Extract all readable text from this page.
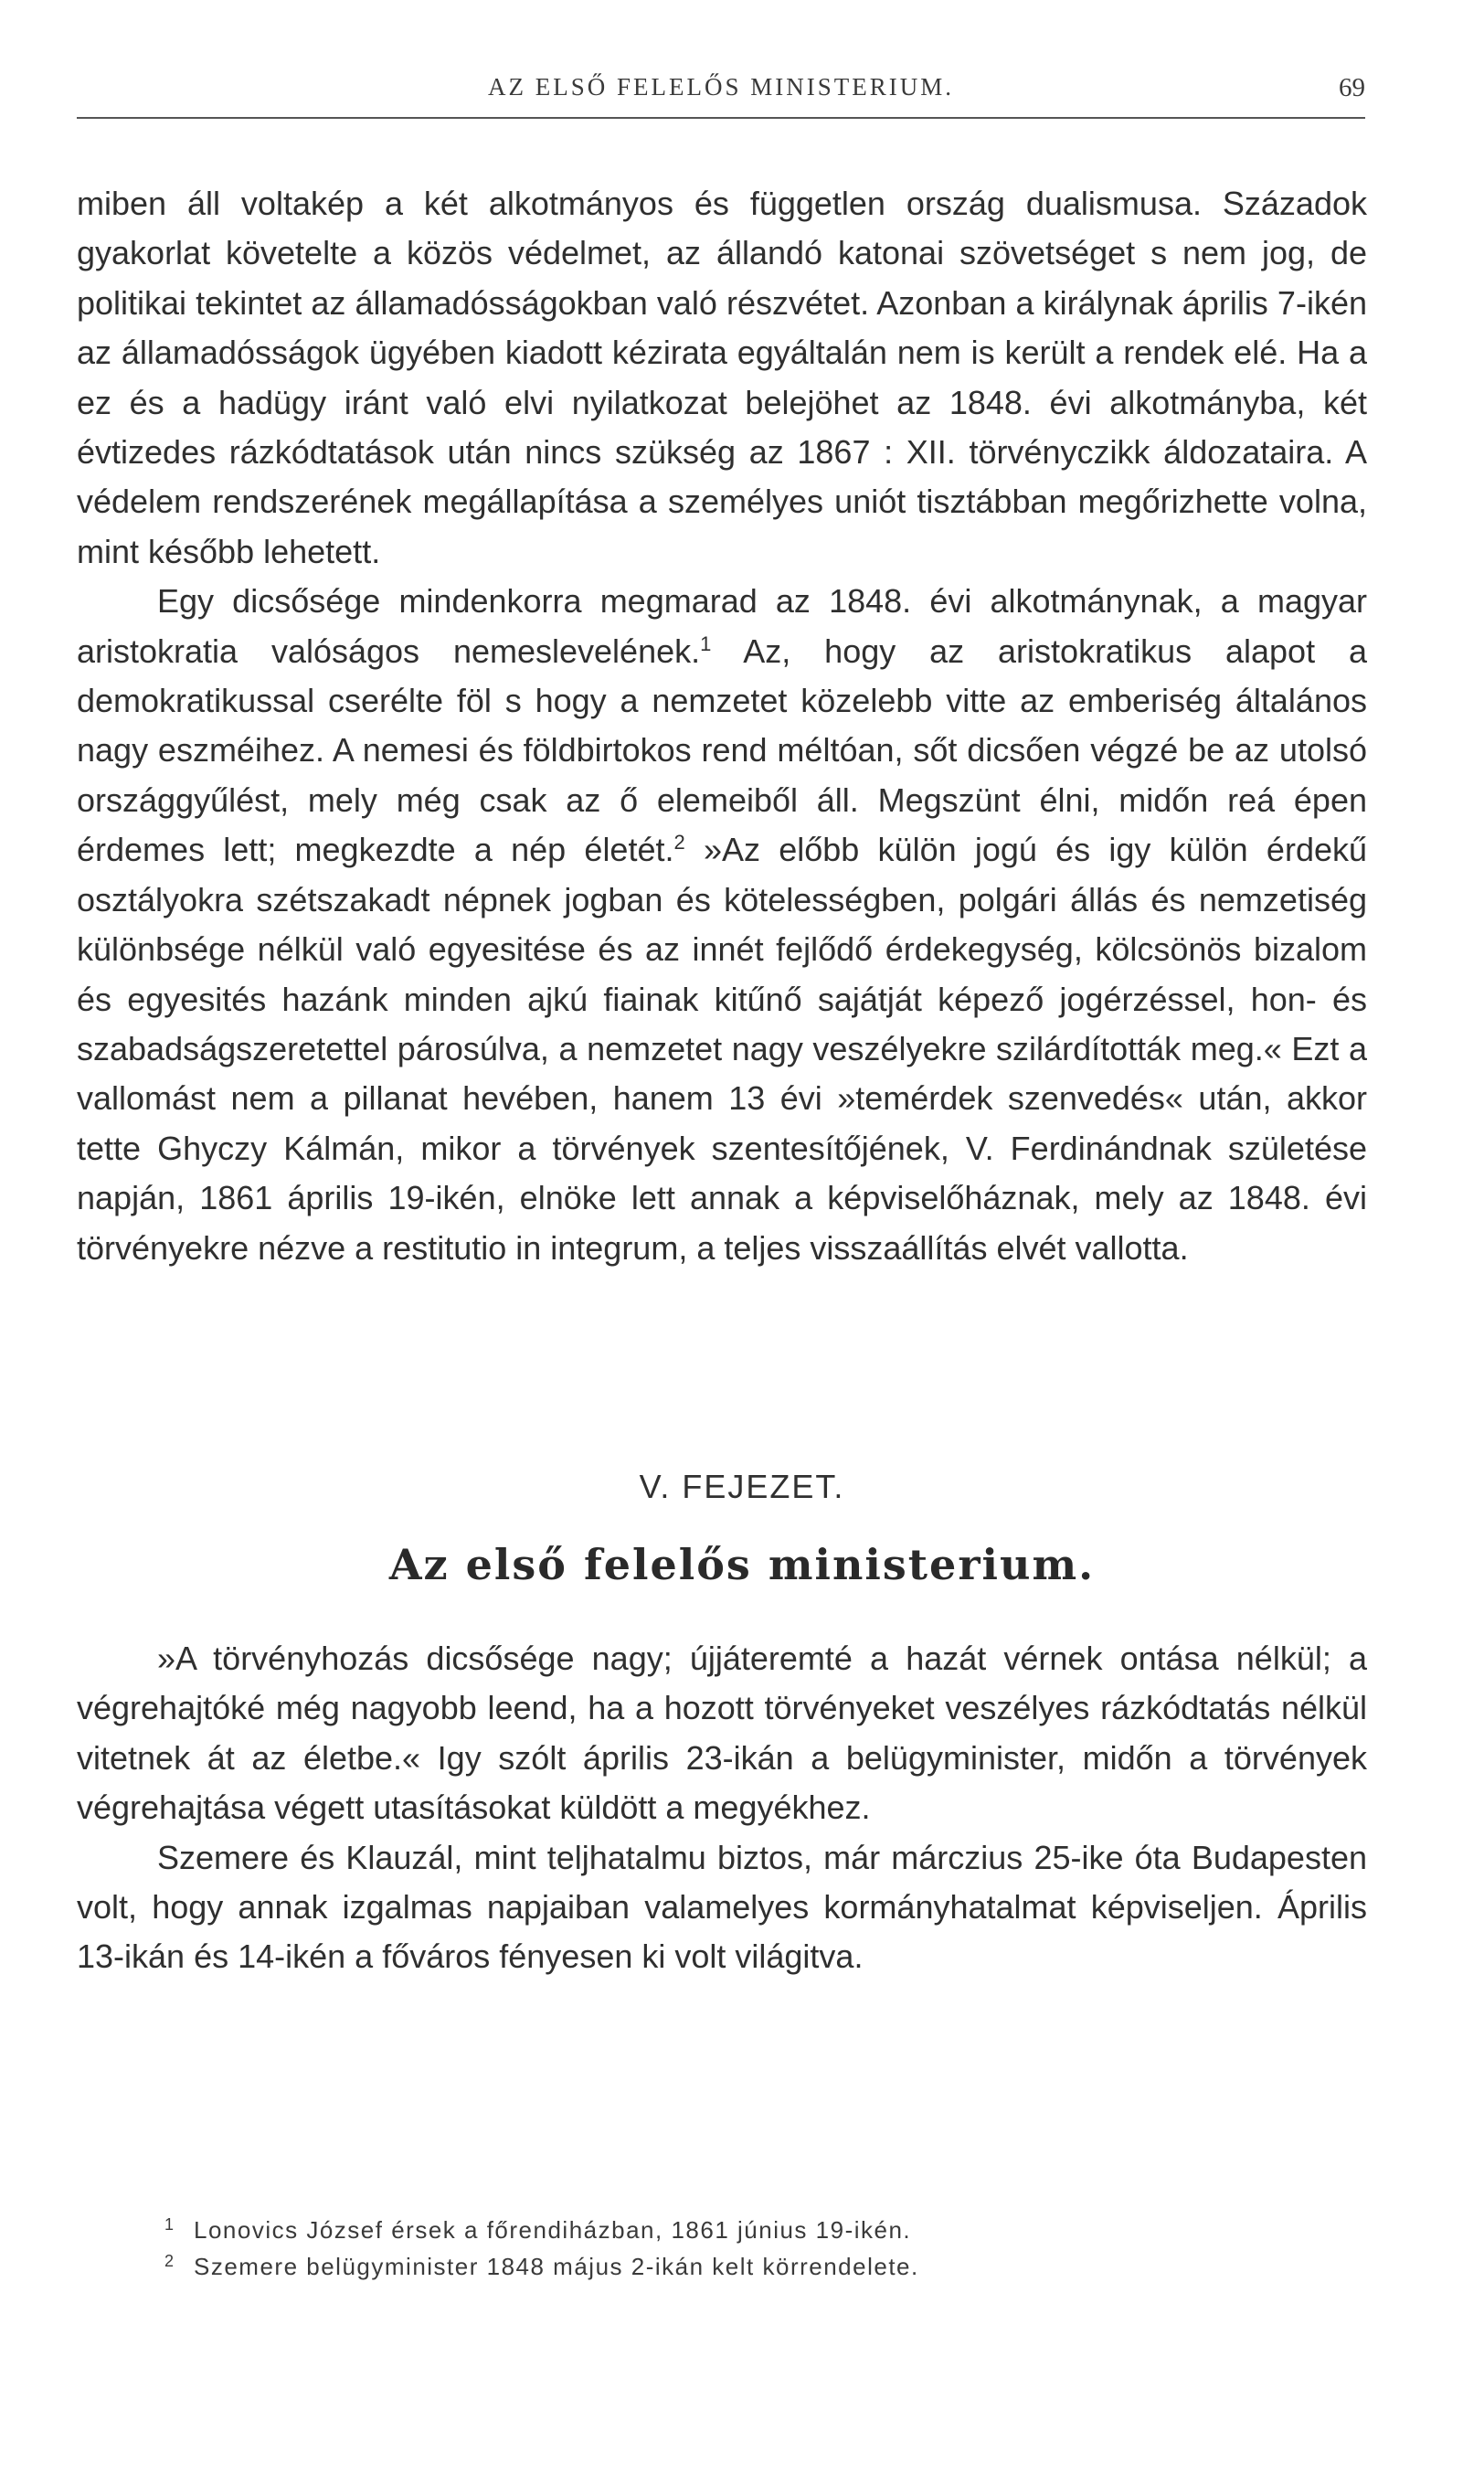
AZ ELSŐ FELELŐS MINISTERIUM.	69

miben áll voltakép a két alkotmányos és független ország dualismusa. Századok gyakorlat követelte a közös védelmet, az állandó katonai szövetséget s nem jog, de politikai tekintet az államadósságokban való részvétet. Azonban a királynak április 7-ikén az államadósságok ügyében kiadott kézirata egyáltalán nem is került a rendek elé. Ha a ez és a hadügy iránt való elvi nyilatkozat belejöhet az 1848. évi alkotmányba, két évtizedes rázkódtatások után nincs szükség az 1867 : XII. törvényczikk áldozataira. A védelem rendszerének megállapítása a személyes uniót tisztábban megőrizhette volna, mint később lehetett.

Egy dicsősége mindenkorra megmarad az 1848. évi alkotmánynak, a magyar aristokratia valóságos nemeslevelének.$^1$ Az, hogy az aristokratikus alapot a demokratikussal cserélte föl s hogy a nemzetet közelebb vitte az emberiség általános nagy eszméihez. A nemesi és földbirtokos rend méltóan, sőt dicsően végzé be az utolsó országgyűlést, mely még csak az ő elemeiből áll. Megszünt élni, midőn reá épen érdemes lett; megkezdte a nép életét.$^2$ »Az előbb külön jogú és igy külön érdekű osztályokra szétszakadt népnek jogban és kötelességben, polgári állás és nemzetiség különbsége nélkül való egyesitése és az innét fejlődő érdekegység, kölcsönös bizalom és egyesités hazánk minden ajkú fiainak kitűnő sajátját képező jogérzéssel, hon- és szabadságszeretettel párosúlva, a nemzetet nagy veszélyekre szilárdították meg.« Ezt a vallomást nem a pillanat hevében, hanem 13 évi »temérdek szenvedés« után, akkor tette Ghyczy Kálmán, mikor a törvények szentesítőjének, V. Ferdinándnak születése napján, 1861 április 19-ikén, elnöke lett annak a képviselőháznak, mely az 1848. évi törvényekre nézve a restitutio in integrum, a teljes visszaállítás elvét vallotta.

V. FEJEZET.
Az első felelős ministerium.

»A törvényhozás dicsősége nagy; újjáteremté a hazát vérnek ontása nélkül; a végrehajtóké még nagyobb leend, ha a hozott törvényeket veszélyes rázkódtatás nélkül vitetnek át az életbe.« Igy szólt április 23-ikán a belügyminister, midőn a törvények végrehajtása végett utasításokat küldött a megyékhez.

Szemere és Klauzál, mint teljhatalmu biztos, már márczius 25-ike óta Budapesten volt, hogy annak izgalmas napjaiban valamelyes kormányhatalmat képviseljen. Április 13-ikán és 14-ikén a főváros fényesen ki volt világitva.

1 Lonovics József érsek a főrendiházban, 1861 június 19-ikén.
2 Szemere belügyminister 1848 május 2-ikán kelt körrendelete.
